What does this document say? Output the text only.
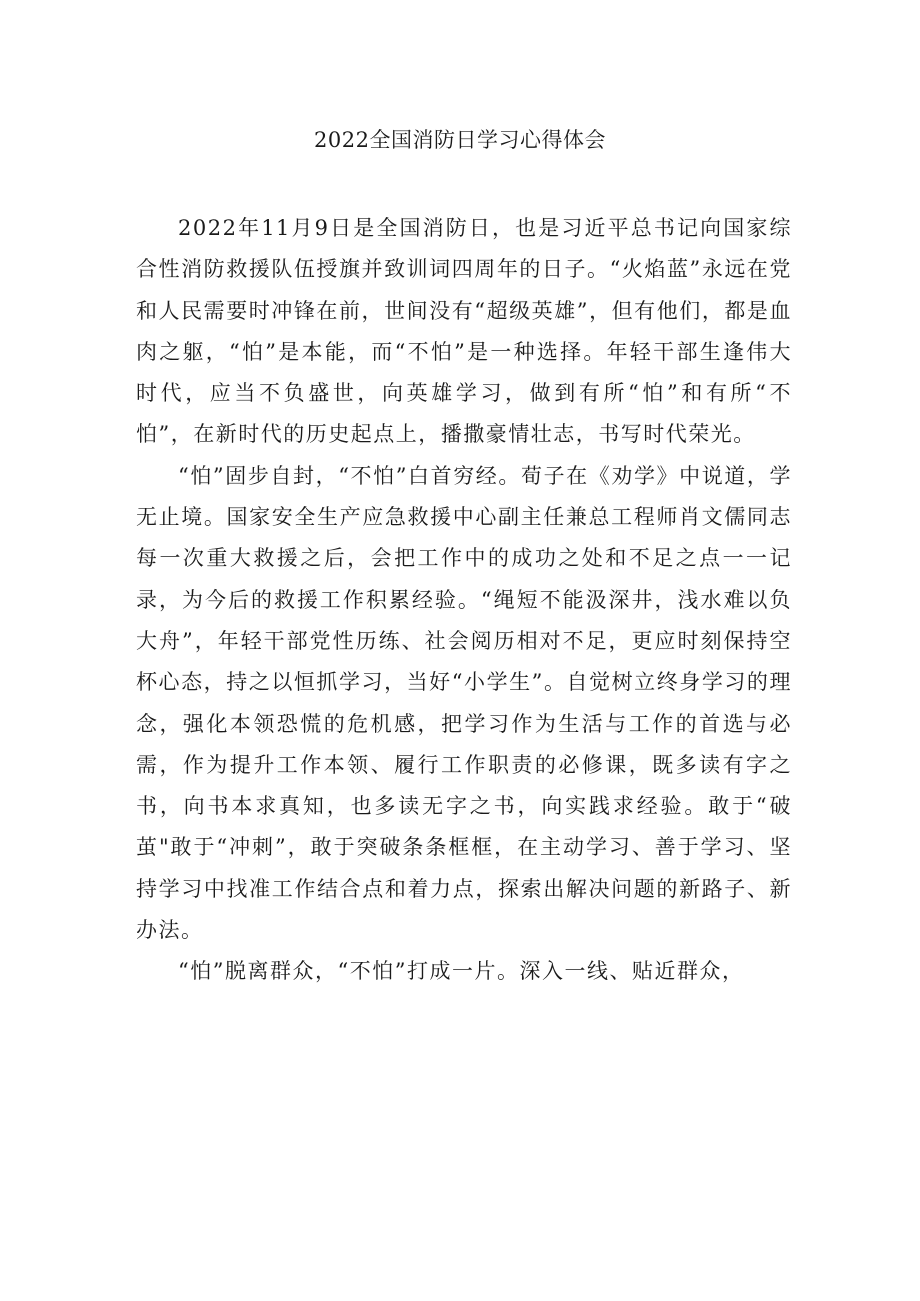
2022全国消防日学习心得体会

2022年11月9日是全国消防日，也是习近平总书记向国家综合性消防救援队伍授旗并致训词四周年的日子。“火焰蓝”永远在党和人民需要时冲锋在前，世间没有“超级英雄”，但有他们，都是血肉之躯，“怕”是本能，而“不怕”是一种选择。年轻干部生逢伟大时代，应当不负盛世，向英雄学习，做到有所“怕”和有所“不怕”，在新时代的历史起点上，播撒豪情壮志，书写时代荣光。

“怕”固步自封，“不怕”白首穷经。荀子在《劝学》中说道，学无止境。国家安全生产应急救援中心副主任兼总工程师肖文儒同志每一次重大救援之后，会把工作中的成功之处和不足之点一一记录，为今后的救援工作积累经验。“绳短不能汲深井，浅水难以负大舟”，年轻干部党性历练、社会阅历相对不足，更应时刻保持空杯心态，持之以恒抓学习，当好“小学生”。自觉树立终身学习的理念，强化本领恐慌的危机感，把学习作为生活与工作的首选与必需，作为提升工作本领、履行工作职责的必修课，既多读有字之书，向书本求真知，也多读无字之书，向实践求经验。敢于“破茧"敢于“冲刺”，敢于突破条条框框，在主动学习、善于学习、坚持学习中找准工作结合点和着力点，探索出解决问题的新路子、新办法。

“怕”脱离群众，“不怕”打成一片。深入一线、贴近群众，
